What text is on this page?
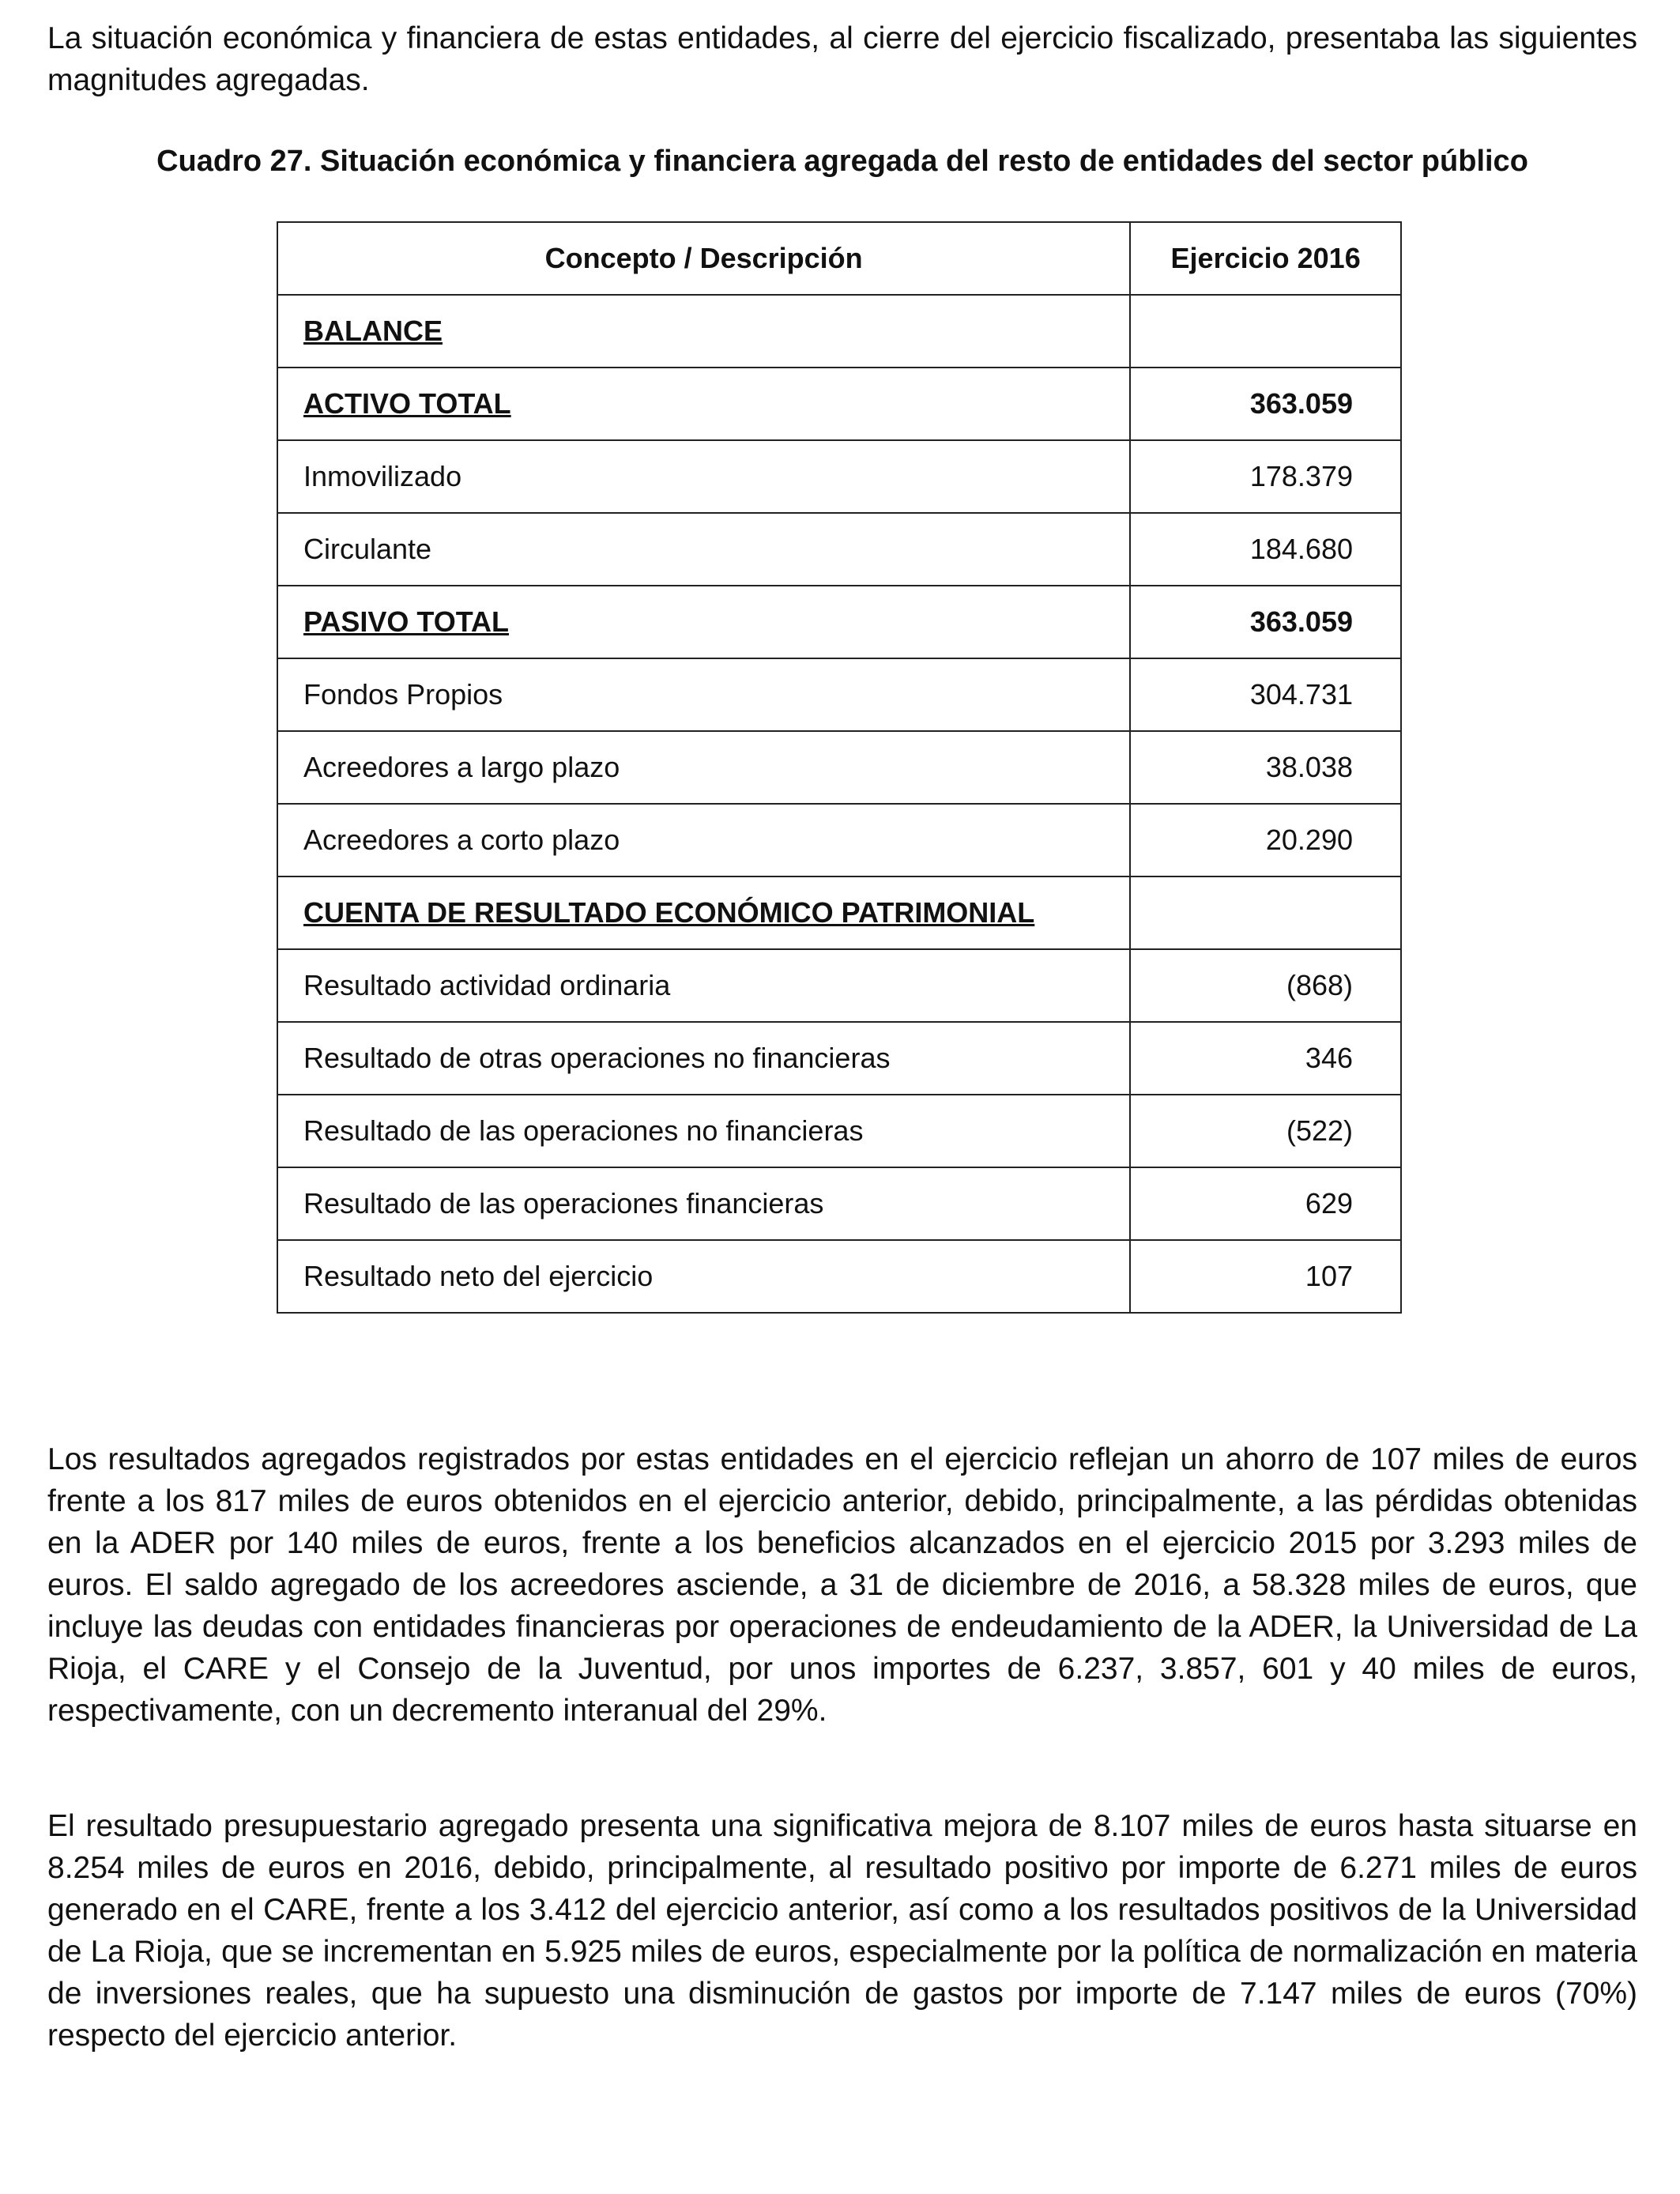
La situación económica y financiera de estas entidades, al cierre del ejercicio fiscalizado, presentaba las siguientes magnitudes agregadas.

Cuadro 27. Situación económica y financiera agregada del resto de entidades del sector público

Concepto / Descripción	Ejercicio 2016
BALANCE	
ACTIVO TOTAL	363.059
Inmovilizado	178.379
Circulante	184.680
PASIVO TOTAL	363.059
Fondos Propios	304.731
Acreedores a largo plazo	38.038
Acreedores a corto plazo	20.290
CUENTA DE RESULTADO ECONÓMICO PATRIMONIAL	
Resultado actividad ordinaria	(868)
Resultado de otras operaciones no financieras	346
Resultado de las operaciones no financieras	(522)
Resultado de las operaciones financieras	629
Resultado neto del ejercicio	107

Los resultados agregados registrados por estas entidades en el ejercicio reflejan un ahorro de 107 miles de euros frente a los 817 miles de euros obtenidos en el ejercicio anterior, debido, principalmente, a las pérdidas obtenidas en la ADER por 140 miles de euros, frente a los beneficios alcanzados en el ejercicio 2015 por 3.293 miles de euros. El saldo agregado de los acreedores asciende, a 31 de diciembre de 2016, a 58.328 miles de euros, que incluye las deudas con entidades financieras por operaciones de endeudamiento de la ADER, la Universidad de La Rioja, el CARE y el Consejo de la Juventud, por unos importes de 6.237, 3.857, 601 y 40 miles de euros, respectivamente, con un decremento interanual del 29%.

El resultado presupuestario agregado presenta una significativa mejora de 8.107 miles de euros hasta situarse en 8.254 miles de euros en 2016, debido, principalmente, al resultado positivo por importe de 6.271 miles de euros generado en el CARE, frente a los 3.412 del ejercicio anterior, así como a los resultados positivos de la Universidad de La Rioja, que se incrementan en 5.925 miles de euros, especialmente por la política de normalización en materia de inversiones reales, que ha supuesto una disminución de gastos por importe de 7.147 miles de euros (70%) respecto del ejercicio anterior.
